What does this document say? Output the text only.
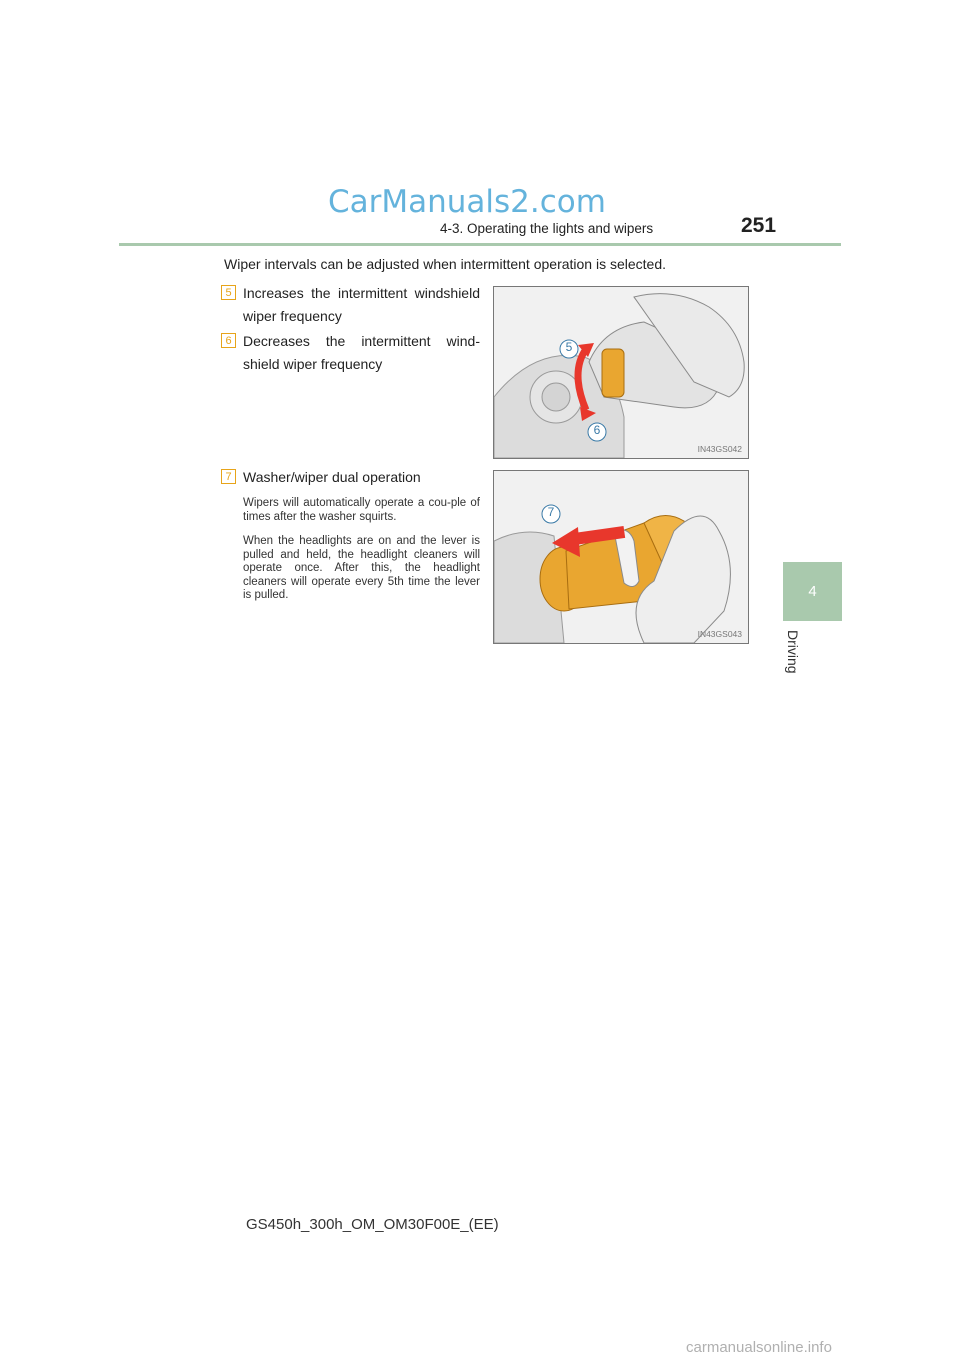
CarManuals2.com
4-3. Operating the lights and wipers	251
4
Driving
Wiper intervals can be adjusted when intermittent operation is selected.
5 Increases the intermittent windshield wiper frequency
6 Decreases the intermittent wind-shield wiper frequency
7 Washer/wiper dual operation
Wipers will automatically operate a cou-ple of times after the washer squirts.
When the headlights are on and the lever is pulled and held, the headlight cleaners will operate once. After this, the headlight cleaners will operate every 5th time the lever is pulled.
5
6
IN43GS042
7
IN43GS043
GS450h_300h_OM_OM30F00E_(EE)
carmanualsonline.info
